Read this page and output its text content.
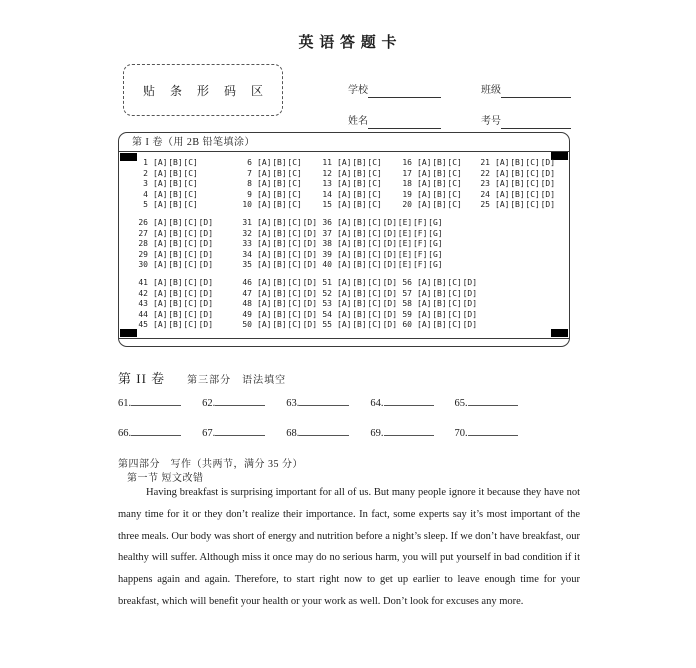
英 语 答 题 卡
贴 条 形 码 区	学校	班级
姓名	考号
第 I 卷（用 2B 铅笔填涂）
1 [A] [B] [C]	6 [A] [B] [C]	11 [A] [B] [C]	16 [A] [B] [C]	21 [A] [B] [C] [D]
2 [A] [B] [C]	7 [A] [B] [C]	12 [A] [B] [C]	17 [A] [B] [C]	22 [A] [B] [C] [D]
3 [A] [B] [C]	8 [A] [B] [C]	13 [A] [B] [C]	18 [A] [B] [C]	23 [A] [B] [C] [D]
4 [A] [B] [C]	9 [A] [B] [C]	14 [A] [B] [C]	19 [A] [B] [C]	24 [A] [B] [C] [D]
5 [A] [B] [C]	10 [A] [B] [C]	15 [A] [B] [C]	20 [A] [B] [C]	25 [A] [B] [C] [D]
26 [A] [B] [C] [D]	31 [A] [B] [C] [D] 36 [A] [B] [C] [D] [E] [F] [G]
27 [A] [B] [C] [D]	32 [A] [B] [C] [D] 37 [A] [B] [C] [D] [E] [F] [G]
28 [A] [B] [C] [D]	33 [A] [B] [C] [D] 38 [A] [B] [C] [D] [E] [F] [G]
29 [A] [B] [C] [D]	34 [A] [B] [C] [D] 39 [A] [B] [C] [D] [E] [F] [G]
30 [A] [B] [C] [D]	35 [A] [B] [C] [D] 40 [A] [B] [C] [D] [E] [F] [G]
41 [A] [B] [C] [D]	46 [A] [B] [C] [D] 51 [A] [B] [C] [D] 56 [A] [B] [C] [D]
42 [A] [B] [C] [D]	47 [A] [B] [C] [D] 52 [A] [B] [C] [D] 57 [A] [B] [C] [D]
43 [A] [B] [C] [D]	48 [A] [B] [C] [D] 53 [A] [B] [C] [D] 58 [A] [B] [C] [D]
44 [A] [B] [C] [D]	49 [A] [B] [C] [D] 54 [A] [B] [C] [D] 59 [A] [B] [C] [D]
45 [A] [B] [C] [D]	50 [A] [B] [C] [D] 55 [A] [B] [C] [D] 60 [A] [B] [C] [D]
第 II 卷 第三部分　语法填空
61.	62.	63.	64.	65.
66.	67.	68.	69.	70.
第四部分　写作（共两节，满分 35 分）
第一节 短文改错
Having breakfast is surprising important for all of us. But many people ignore it because they have not many time for it or they don’t realize their importance. In fact, some experts say it’s most important of the three meals. Our body was short of energy and nutrition before a night’s sleep. If we don’t have breakfast, our healthy will suffer. Although miss it once may do no serious harm, you will put yourself in bad condition if it happens again and again. Therefore, to start right now to get up earlier to leave enough time for your breakfast, which will benefit your health or your work as well. Don’t look for excuses any more.
